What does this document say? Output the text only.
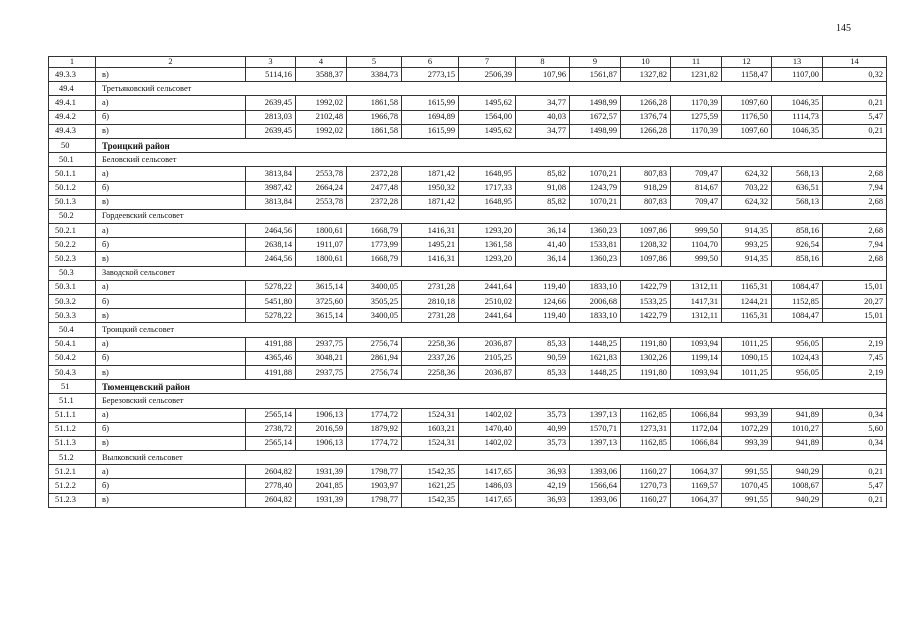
145
1	2	3	4	5	6	7	8	9	10	11	12	13	14
49.3.3	в)	5114,16	3588,37	3384,73	2773,15	2506,39	107,96	1561,87	1327,82	1231,82	1158,47	1107,00	0,32
49.4	Третьяковский сельсовет												
49.4.1	а)	2639,45	1992,02	1861,58	1615,99	1495,62	34,77	1498,99	1266,28	1170,39	1097,60	1046,35	0,21
49.4.2	б)	2813,03	2102,48	1966,78	1694,89	1564,00	40,03	1672,57	1376,74	1275,59	1176,50	1114,73	5,47
49.4.3	в)	2639,45	1992,02	1861,58	1615,99	1495,62	34,77	1498,99	1266,28	1170,39	1097,60	1046,35	0,21
50	Троицкий район												
50.1	Беловский сельсовет												
50.1.1	а)	3813,84	2553,78	2372,28	1871,42	1648,95	85,82	1070,21	807,83	709,47	624,32	568,13	2,68
50.1.2	б)	3987,42	2664,24	2477,48	1950,32	1717,33	91,08	1243,79	918,29	814,67	703,22	636,51	7,94
50.1.3	в)	3813,84	2553,78	2372,28	1871,42	1648,95	85,82	1070,21	807,83	709,47	624,32	568,13	2,68
50.2	Гордеевский сельсовет												
50.2.1	а)	2464,56	1800,61	1668,79	1416,31	1293,20	36,14	1360,23	1097,86	999,50	914,35	858,16	2,68
50.2.2	б)	2638,14	1911,07	1773,99	1495,21	1361,58	41,40	1533,81	1208,32	1104,70	993,25	926,54	7,94
50.2.3	в)	2464,56	1800,61	1668,79	1416,31	1293,20	36,14	1360,23	1097,86	999,50	914,35	858,16	2,68
50.3	Заводской сельсовет												
50.3.1	а)	5278,22	3615,14	3400,05	2731,28	2441,64	119,40	1833,10	1422,79	1312,11	1165,31	1084,47	15,01
50.3.2	б)	5451,80	3725,60	3505,25	2810,18	2510,02	124,66	2006,68	1533,25	1417,31	1244,21	1152,85	20,27
50.3.3	в)	5278,22	3615,14	3400,05	2731,28	2441,64	119,40	1833,10	1422,79	1312,11	1165,31	1084,47	15,01
50.4	Троицкий сельсовет												
50.4.1	а)	4191,88	2937,75	2756,74	2258,36	2036,87	85,33	1448,25	1191,80	1093,94	1011,25	956,05	2,19
50.4.2	б)	4365,46	3048,21	2861,94	2337,26	2105,25	90,59	1621,83	1302,26	1199,14	1090,15	1024,43	7,45
50.4.3	в)	4191,88	2937,75	2756,74	2258,36	2036,87	85,33	1448,25	1191,80	1093,94	1011,25	956,05	2,19
51	Тюменцевский район												
51.1	Березовский сельсовет												
51.1.1	а)	2565,14	1906,13	1774,72	1524,31	1402,02	35,73	1397,13	1162,85	1066,84	993,39	941,89	0,34
51.1.2	б)	2738,72	2016,59	1879,92	1603,21	1470,40	40,99	1570,71	1273,31	1172,04	1072,29	1010,27	5,60
51.1.3	в)	2565,14	1906,13	1774,72	1524,31	1402,02	35,73	1397,13	1162,85	1066,84	993,39	941,89	0,34
51.2	Вылковский сельсовет												
51.2.1	а)	2604,82	1931,39	1798,77	1542,35	1417,65	36,93	1393,06	1160,27	1064,37	991,55	940,29	0,21
51.2.2	б)	2778,40	2041,85	1903,97	1621,25	1486,03	42,19	1566,64	1270,73	1169,57	1070,45	1008,67	5,47
51.2.3	в)	2604,82	1931,39	1798,77	1542,35	1417,65	36,93	1393,06	1160,27	1064,37	991,55	940,29	0,21
